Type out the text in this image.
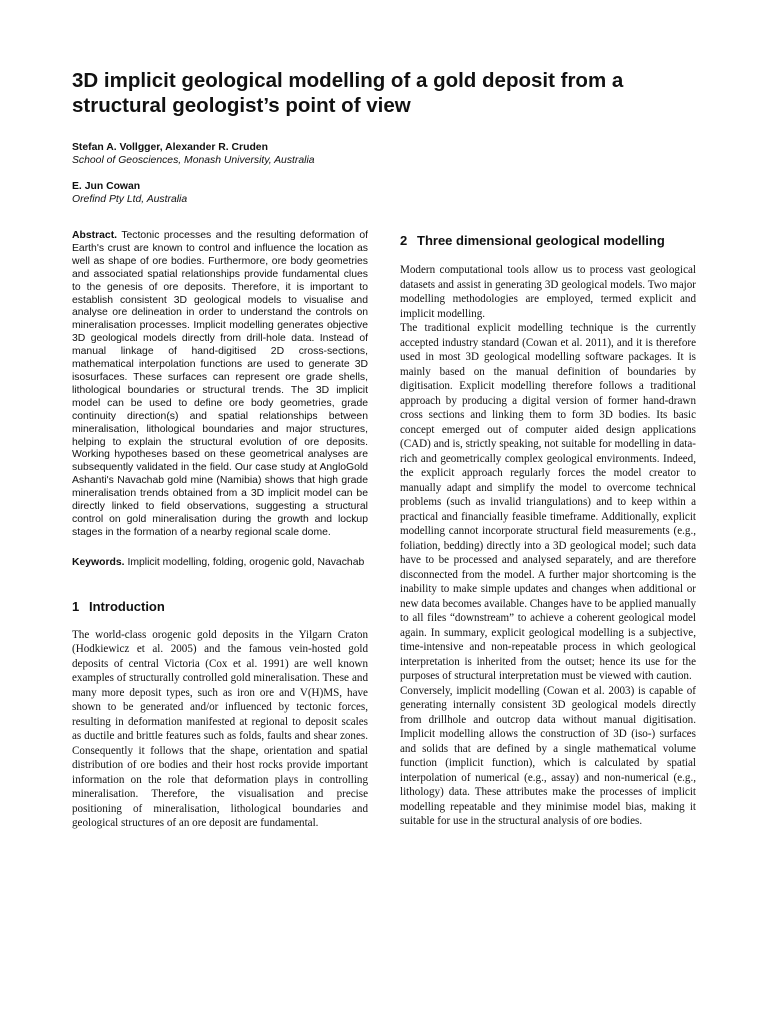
3D implicit geological modelling of a gold deposit from a structural geologist’s point of view
Stefan A. Vollgger, Alexander R. Cruden
School of Geosciences, Monash University, Australia
E. Jun Cowan
Orefind Pty Ltd, Australia

Abstract. Tectonic processes and the resulting deformation of Earth's crust are known to control and influence the location as well as shape of ore bodies. Furthermore, ore body geometries and associated spatial relationships provide fundamental clues to the genesis of ore deposits. Therefore, it is important to establish consistent 3D geological models to visualise and analyse ore delineation in order to understand the controls on mineralisation processes. Implicit modelling generates objective 3D geological models directly from drill-hole data. Instead of manual linkage of hand-digitised 2D cross-sections, mathematical interpolation functions are used to generate 3D isosurfaces. These surfaces can represent ore grade shells, lithological boundaries or structural trends. The 3D implicit model can be used to define ore body geometries, grade continuity direction(s) and spatial relationships between mineralisation, lithological boundaries and major structures, helping to explain the structural evolution of ore deposits. Working hypotheses based on these geometrical analyses are subsequently validated in the field. Our case study at AngloGold Ashanti's Navachab gold mine (Namibia) shows that high grade mineralisation trends obtained from a 3D implicit model can be directly linked to field observations, suggesting a structural control on gold mineralisation during the growth and lockup stages in the formation of a nearby regional scale dome.

Keywords. Implicit modelling, folding, orogenic gold, Navachab

1 Introduction

The world-class orogenic gold deposits in the Yilgarn Craton (Hodkiewicz et al. 2005) and the famous vein-hosted gold deposits of central Victoria (Cox et al. 1991) are well known examples of structurally controlled gold mineralisation. These and many more deposit types, such as iron ore and V(H)MS, have shown to be generated and/or influenced by tectonic forces, resulting in deformation manifested at regional to deposit scales as ductile and brittle features such as folds, faults and shear zones. Consequently it follows that the shape, orientation and spatial distribution of ore bodies and their host rocks provide important information on the role that deformation plays in controlling mineralisation. Therefore, the visualisation and precise positioning of mineralisation, lithological boundaries and geological structures of an ore deposit are fundamental.

2 Three dimensional geological modelling

Modern computational tools allow us to process vast geological datasets and assist in generating 3D geological models. Two major modelling methodologies are employed, termed explicit and implicit modelling.

The traditional explicit modelling technique is the currently accepted industry standard (Cowan et al. 2011), and it is therefore used in most 3D geological modelling software packages. It is mainly based on the manual definition of boundaries by digitisation. Explicit modelling therefore follows a traditional approach by producing a digital version of former hand-drawn cross sections and linking them to form 3D bodies. Its basic concept emerged out of computer aided design applications (CAD) and is, strictly speaking, not suitable for modelling in data-rich and geometrically complex geological environments. Indeed, the explicit approach regularly forces the model creator to manually adapt and simplify the model to overcome technical problems (such as invalid triangulations) and to keep within a practical and financially feasible timeframe. Additionally, explicit modelling cannot incorporate structural field measurements (e.g., foliation, bedding) directly into a 3D geological model; such data have to be processed and analysed separately, and are therefore disconnected from the model. A further major shortcoming is the inability to make simple updates and changes when additional or new data becomes available. Changes have to be applied manually to all files “downstream” to achieve a coherent geological model again. In summary, explicit geological modelling is a subjective, time-intensive and non-repeatable process in which geological interpretation is inherited from the outset; hence its use for the purposes of structural interpretation must be viewed with caution.

Conversely, implicit modelling (Cowan et al. 2003) is capable of generating internally consistent 3D geological models directly from drillhole and outcrop data without manual digitisation. Implicit modelling allows the construction of 3D (iso-) surfaces and solids that are defined by a single mathematical volume function (implicit function), which is calculated by spatial interpolation of numerical (e.g., assay) and non-numerical (e.g., lithology) data. These attributes make the processes of implicit modelling repeatable and they minimise model bias, making it suitable for use in the structural analysis of ore bodies.
